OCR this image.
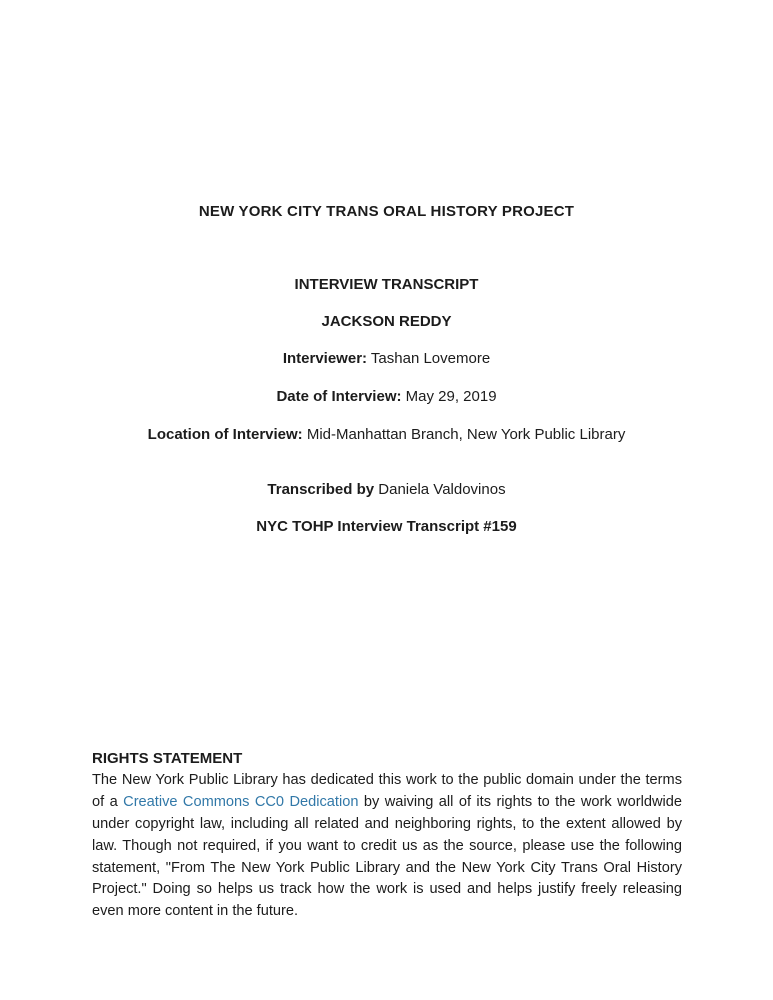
NEW YORK CITY TRANS ORAL HISTORY PROJECT
INTERVIEW TRANSCRIPT
JACKSON REDDY
Interviewer: Tashan Lovemore
Date of Interview: May 29, 2019
Location of Interview: Mid-Manhattan Branch, New York Public Library
Transcribed by Daniela Valdovinos
NYC TOHP Interview Transcript #159
RIGHTS STATEMENT
The New York Public Library has dedicated this work to the public domain under the terms of a Creative Commons CC0 Dedication by waiving all of its rights to the work worldwide under copyright law, including all related and neighboring rights, to the extent allowed by law. Though not required, if you want to credit us as the source, please use the following statement, "From The New York Public Library and the New York City Trans Oral History Project." Doing so helps us track how the work is used and helps justify freely releasing even more content in the future.
